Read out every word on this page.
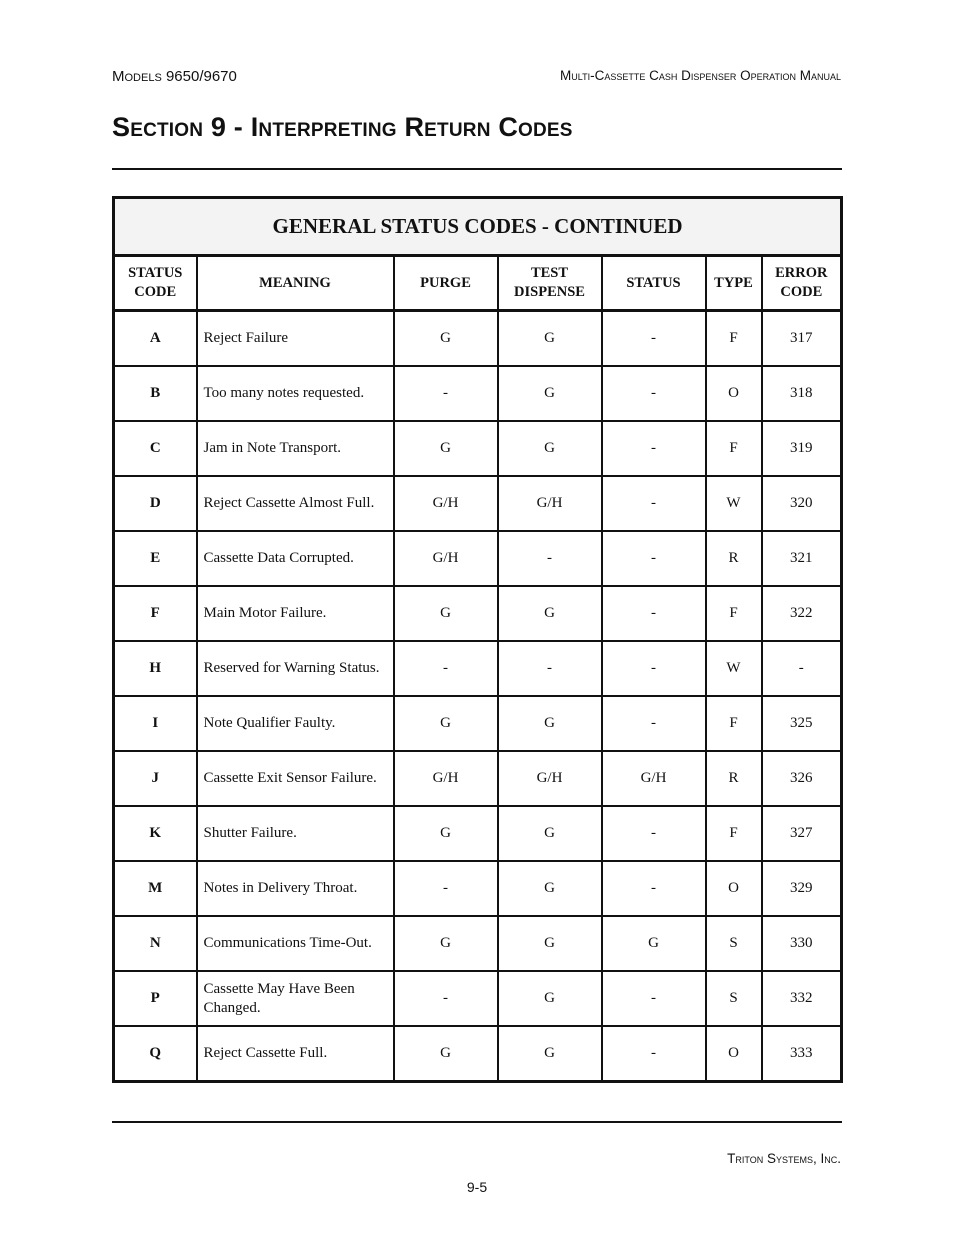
Models 9650/9670	Multi-Cassette Cash Dispenser Operation Manual
Section 9 - Interpreting Return Codes
GENERAL STATUS CODES - CONTINUED						
STATUS CODE	MEANING	PURGE	TEST DISPENSE	STATUS	TYPE	ERROR CODE
A	Reject Failure	G	G	-	F	317
B	Too many notes requested.	-	G	-	O	318
C	Jam in Note Transport.	G	G	-	F	319
D	Reject Cassette Almost Full.	G/H	G/H	-	W	320
E	Cassette Data Corrupted.	G/H	-	-	R	321
F	Main Motor Failure.	G	G	-	F	322
H	Reserved for Warning Status.	-	-	-	W	-
I	Note Qualifier Faulty.	G	G	-	F	325
J	Cassette Exit Sensor Failure.	G/H	G/H	G/H	R	326
K	Shutter Failure.	G	G	-	F	327
M	Notes in Delivery Throat.	-	G	-	O	329
N	Communications Time-Out.	G	G	G	S	330
P	Cassette May Have Been Changed.	-	G	-	S	332
Q	Reject Cassette Full.	G	G	-	O	333
Triton Systems, Inc.
9-5
